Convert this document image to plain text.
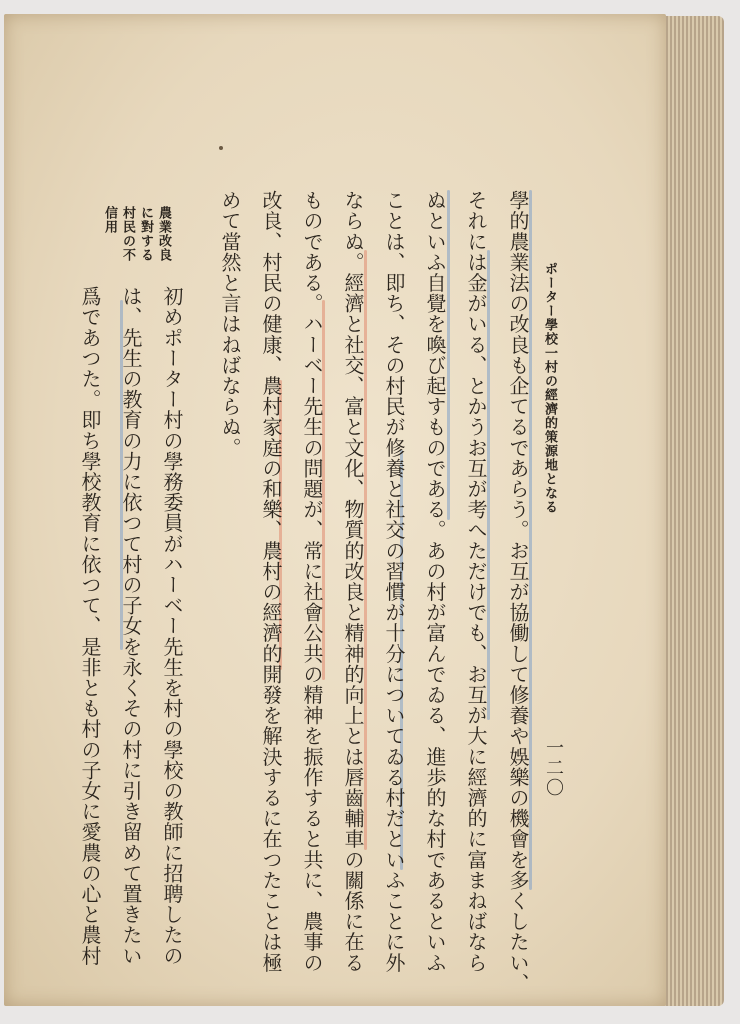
ポーター學校一村の經濟的策源地となる
一二〇
學的農業法の改良も企てるであらう。お互が協働して修養や娛樂の機會を多くしたい、
それには金がいる、とかうお互が考へただけでも、お互が大に經濟的に富まねばなら
ぬといふ自覺を喚び起すものである。あの村が富んでゐる、進歩的な村であるといふ
ことは、即ち、その村民が修養と社交の習慣が十分についてゐる村だといふことに外
ならぬ。經濟と社交、富と文化、物質的改良と精神的向上とは唇齒輔車の關係に在る
ものである。ハーベー先生の問題が、常に社會公共の精神を振作すると共に、農事の
改良、村民の健康、農村家庭の和樂、農村の經濟的開發を解決するに在つたことは極
めて當然と言はねばならぬ。
農業改良
に對する
村民の不
信用
初めポーター村の學務委員がハーベー先生を村の學校の教師に招聘したの
は、先生の教育の力に依つて村の子女を永くその村に引き留めて置きたい
爲であつた。即ち學校教育に依つて、是非とも村の子女に愛農の心と農村
